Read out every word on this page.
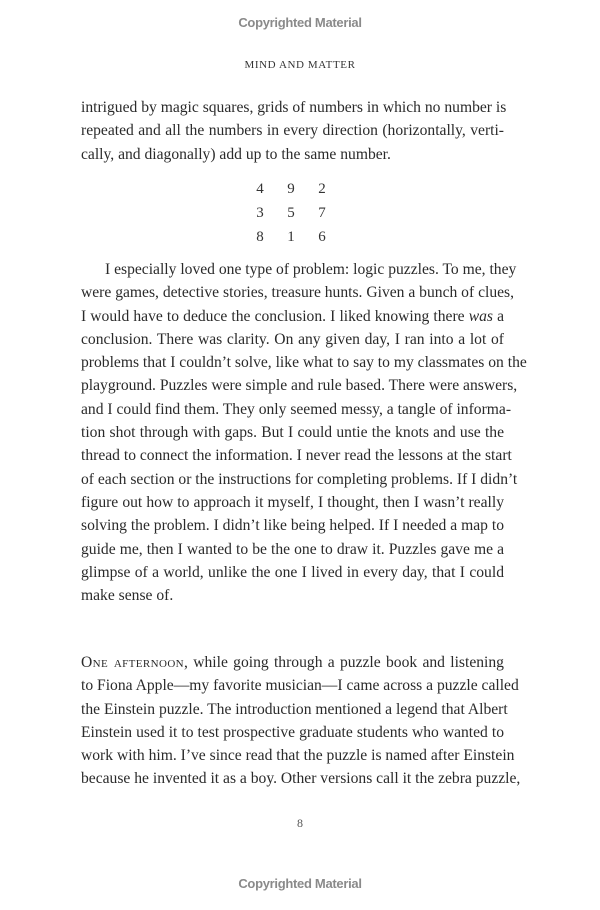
Copyrighted Material
MIND AND MATTER
intrigued by magic squares, grids of numbers in which no number is
repeated and all the numbers in every direction (horizontally, verti-
cally, and diagonally) add up to the same number.
4 9 2
3 5 7
8 1 6
I especially loved one type of problem: logic puzzles. To me, they
were games, detective stories, treasure hunts. Given a bunch of clues,
I would have to deduce the conclusion. I liked knowing there was a
conclusion. There was clarity. On any given day, I ran into a lot of
problems that I couldn’t solve, like what to say to my classmates on the
playground. Puzzles were simple and rule based. There were answers,
and I could find them. They only seemed messy, a tangle of informa-
tion shot through with gaps. But I could untie the knots and use the
thread to connect the information. I never read the lessons at the start
of each section or the instructions for completing problems. If I didn’t
figure out how to approach it myself, I thought, then I wasn’t really
solving the problem. I didn’t like being helped. If I needed a map to
guide me, then I wanted to be the one to draw it. Puzzles gave me a
glimpse of a world, unlike the one I lived in every day, that I could
make sense of.
One afternoon, while going through a puzzle book and listening
to Fiona Apple—my favorite musician—I came across a puzzle called
the Einstein puzzle. The introduction mentioned a legend that Albert
Einstein used it to test prospective graduate students who wanted to
work with him. I’ve since read that the puzzle is named after Einstein
because he invented it as a boy. Other versions call it the zebra puzzle,
8
Copyrighted Material
